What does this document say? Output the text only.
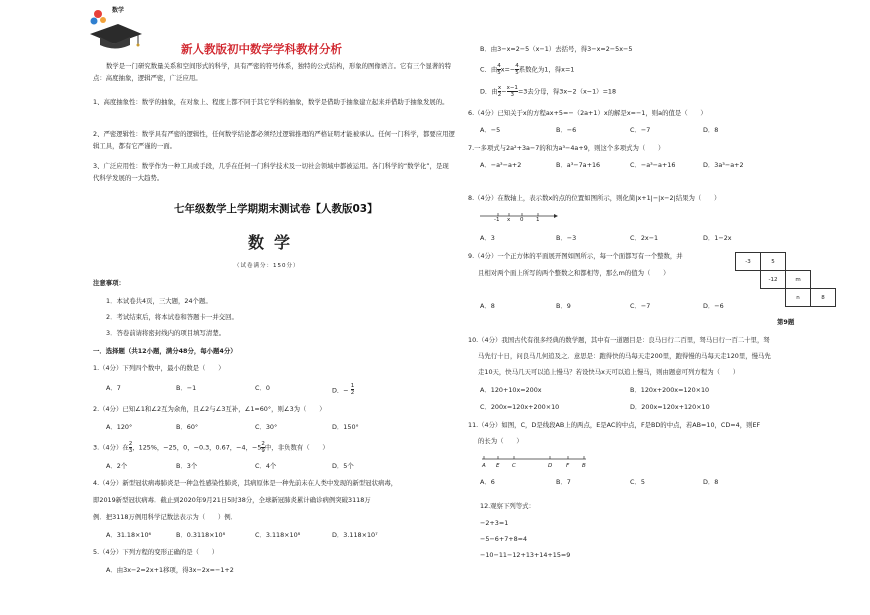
数学
新人教版初中数学学科教材分析
数学是一门研究数量关系和空间形式的科学，具有严密的符号体系，独特的公式结构，形象的图像语言。它有三个显著的特点：高度抽象，逻辑严密，广泛应用。
1、高度抽象性：数学的抽象，在对象上、程度上都不同于其它学科的抽象，数学是借助于抽象建立起来并借助于抽象发展的。
2、严密逻辑性：数学具有严密的逻辑性，任何数学结论都必须经过逻辑推理的严格证明才能被承认。任何一门科学，都要应用逻辑工具，都有它严谨的一面。
3、广泛应用性：数学作为一种工具或手段，几乎在任何一门科学技术及一切社会领域中都被运用。各门科学的“数学化”，是现代科学发展的一大趋势。
七年级数学上学期期末测试卷【人教版03】
数学
（试卷满分：150分）
注意事项：
1．本试卷共4页，三大题，24个题。
2．考试结束后，将本试卷和答题卡一并交回。
3．答卷前请将密封线内的项目填写清楚。
一．选择题（共12小题，满分48分，每小题4分）
1.（4分）下列四个数中，最小的数是（　　）
A．7	B．−1	C．0	D．− $\frac{1}{2}$
2.（4分）已知∠1和∠2互为余角，且∠2与∠3互补，∠1=60°，则∠3为（　　）
A．120°	B．60°	C．30°	D．150°
3.（4分）在 $\frac{2}{3}$ ，125%，−25，0，−0.3，0.67，−4，$-5 \frac{2}{9}$ 中，非负数有（　　）
A．2个	B．3个	C．4个	D．5个
4.（4分）新型冠状病毒肺炎是一种急性感染性肺炎，其病原体是一种先前未在人类中发现的新型冠状病毒，
即2019新型冠状病毒．截止到2020年9月21日5时38分，全球新冠肺炎累计确诊病例突破3118万
例．把3118万例用科学记数法表示为（　　）例．
A．31.18×10⁶	B．0.3118×10⁸	C．3.118×10⁸	D．3.118×10⁷
5.（4分）下列方程的变形正确的是（　　）
A．由3x−2=2x+1移项，得3x−2x=−1+2
B．由3−x=2−5（x−1）去括号，得3−x=2−5x−5
C．由 $\frac{4}{5} x=- \frac{4}{5}$ 系数化为1，得x=1
D．由 $\frac{x}{2} - \frac{x-1}{3} =3$去分母，得3x−2（x−1）=18
6.（4分）已知关于x的方程ax+5=−（2a+1）x的解是x=−1，则a的值是（　　）
A．−5	B．−6	C．−7	D．8
7.一多项式与2a²+3a−7的和为a³−4a+9，则这个多项式为（　　）
A．−a³−a+2	B．a³−7a+16	C．−a³−a+16	D．3a³−a+2
8.（4分）在数轴上，表示数x的点的位置如图所示，则化简|x+1|−|x−2|结果为（　　）
-1 x 0 1
A．3	B．−3	C．2x−1	D．1−2x
9.（4分）一个正方体的平面展开图如图所示，每一个面都写有一个整数，并
且相对两个面上所写的两个整数之和都相等，那么m的值为（　　）
A．8	B．9	C．−7	D．−6
-3	5		
	-12	m	
		n	8
第9题
10.（4分）我国古代有很多经典的数学题，其中有一道题目是：良马日行二百里，驽马日行一百二十里，驽
马先行十日，问良马几何追及之．意思是：跑得快的马每天走200里，跑得慢的马每天走120里，慢马先
走10天，快马几天可以追上慢马？若设快马x天可以追上慢马，则由题意可列方程为（　　）
A．120+10x=200x	B．120x+200x=120×10
C．200x=120x+200×10	D．200x=120x+120×10
11.（4分）如图，C，D是线段AB上的两点，E是AC的中点，F是BD的中点，若AB=10，CD=4，则EF
的长为（　　）
A E C	D	F B
A．6	B．7	C．5	D．8
12.观察下列等式：
−2+3=1
−5−6+7+8=4
−10−11−12+13+14+15=9
